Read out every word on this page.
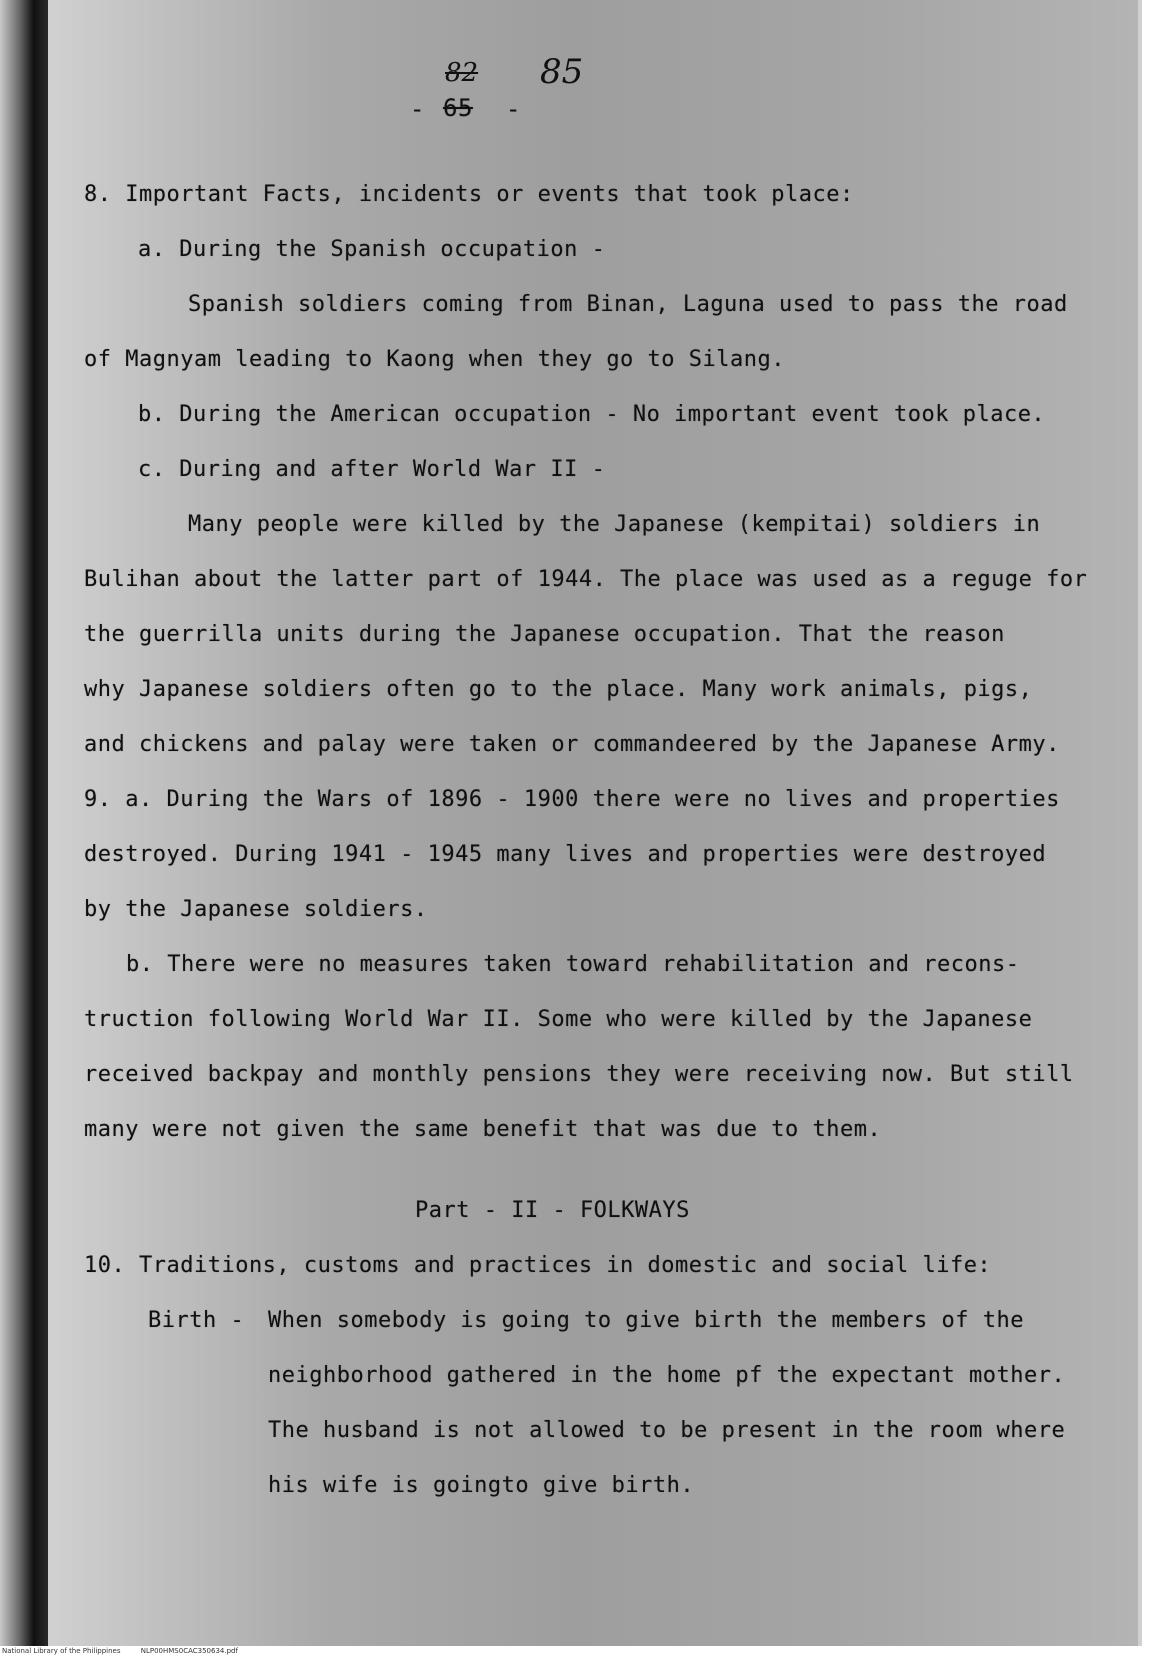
82 85
- 65 -
8. Important Facts, incidents or events that took place:
a. During the Spanish occupation -
Spanish soldiers coming from Binan, Laguna used to pass the road
of Magnyam leading to Kaong when they go to Silang.
b. During the American occupation - No important event took place.
c. During and after World War II -
Many people were killed by the Japanese (kempitai) soldiers in
Bulihan about the latter part of 1944. The place was used as a reguge for
the guerrilla units during the Japanese occupation. That the reason
why Japanese soldiers often go to the place. Many work animals, pigs,
and chickens and palay were taken or commandeered by the Japanese Army.
9. a. During the Wars of 1896 - 1900 there were no lives and properties
destroyed. During 1941 - 1945 many lives and properties were destroyed
by the Japanese soldiers.
b. There were no measures taken toward rehabilitation and recons-
truction following World War II. Some who were killed by the Japanese
received backpay and monthly pensions they were receiving now. But still
many were not given the same benefit that was due to them.
Part - II - FOLKWAYS
10. Traditions, customs and practices in domestic and social life:
Birth - When somebody is going to give birth the members of the
neighborhood gathered in the home pf the expectant mother.
The husband is not allowed to be present in the room where
his wife is goingto give birth.
National Library of the Philippines	NLP00HMS0CAC350634.pdf
